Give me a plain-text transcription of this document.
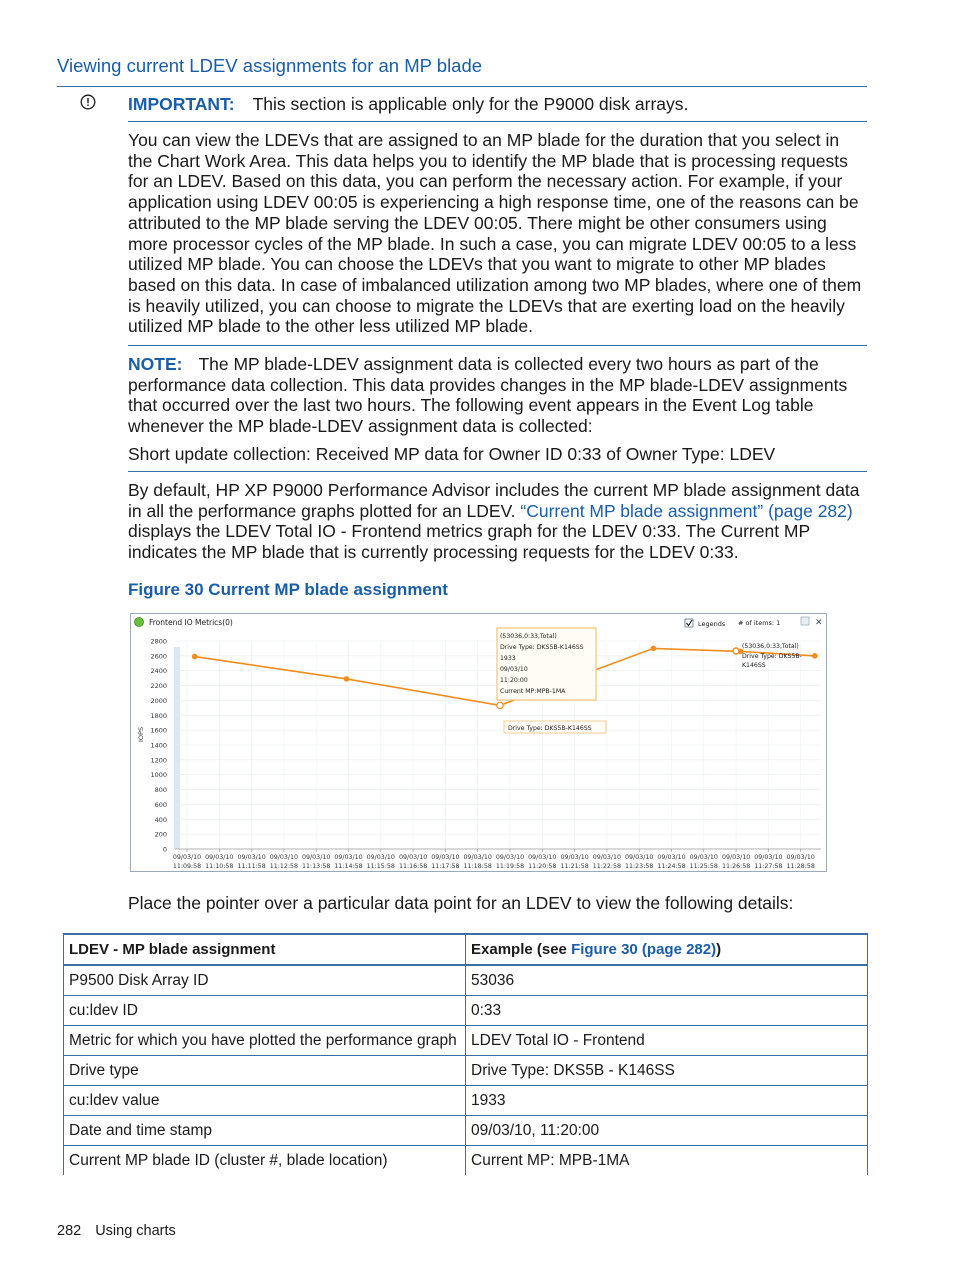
Viewing current LDEV assignments for an MP blade
IMPORTANT: This section is applicable only for the P9000 disk arrays.
You can view the LDEVs that are assigned to an MP blade for the duration that you select in the Chart Work Area. This data helps you to identify the MP blade that is processing requests for an LDEV. Based on this data, you can perform the necessary action. For example, if your application using LDEV 00:05 is experiencing a high response time, one of the reasons can be attributed to the MP blade serving the LDEV 00:05. There might be other consumers using more processor cycles of the MP blade. In such a case, you can migrate LDEV 00:05 to a less utilized MP blade. You can choose the LDEVs that you want to migrate to other MP blades based on this data. In case of imbalanced utilization among two MP blades, where one of them is heavily utilized, you can choose to migrate the LDEVs that are exerting load on the heavily utilized MP blade to the other less utilized MP blade.
NOTE: The MP blade-LDEV assignment data is collected every two hours as part of the performance data collection. This data provides changes in the MP blade-LDEV assignments that occurred over the last two hours. The following event appears in the Event Log table whenever the MP blade-LDEV assignment data is collected:
Short update collection: Received MP data for Owner ID 0:33 of Owner Type: LDEV
By default, HP XP P9000 Performance Advisor includes the current MP blade assignment data in all the performance graphs plotted for an LDEV. “Current MP blade assignment” (page 282) displays the LDEV Total IO - Frontend metrics graph for the LDEV 0:33. The Current MP indicates the MP blade that is currently processing requests for the LDEV 0:33.
Figure 30 Current MP blade assignment
Frontend IO Metrics(0)	Legends # of items: 1	✕
IOPS
0
200
400
600
800
1000
1200
1400
1600
1800
2000
2200
2400
2600
2800
09/03/10
11:09:58
09/03/10
11:10:58
09/03/10
11:11:58
09/03/10
11:12:58
09/03/10
11:13:58
09/03/10
11:14:58
09/03/10
11:15:58
09/03/10
11:16:58
09/03/10
11:17:58
09/03/10
11:18:58
09/03/10
11:19:58
09/03/10
11:20:58
09/03/10
11:21:58
09/03/10
11:22:58
09/03/10
11:23:58
09/03/10
11:24:58
09/03/10
11:25:58
09/03/10
11:26:58
09/03/10
11:27:58
09/03/10
11:28:58
(53036,0:33,Total)
Drive Type: DKS5B-K146SS
1933
09/03/10
11:20:00
Current MP:MPB-1MA
Drive Type: DKS5B-K146SS
(53036,0:33,Total)
Drive Type: DKS5B-
K146SS
Place the pointer over a particular data point for an LDEV to view the following details:
LDEV - MP blade assignment	Example (see Figure 30 (page 282))
P9500 Disk Array ID	53036
cu:ldev ID	0:33
Metric for which you have plotted the performance graph	LDEV Total IO - Frontend
Drive type	Drive Type: DKS5B - K146SS
cu:ldev value	1933
Date and time stamp	09/03/10, 11:20:00
Current MP blade ID (cluster #, blade location)	Current MP: MPB-1MA
282 Using charts
